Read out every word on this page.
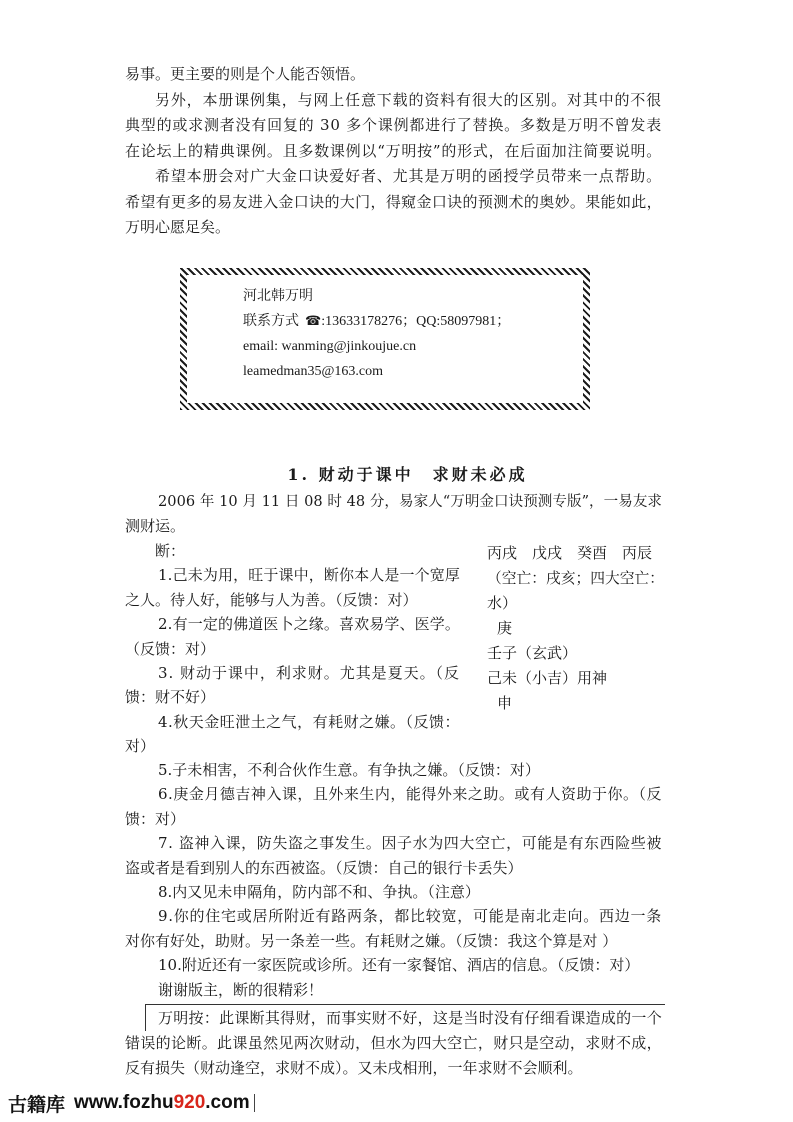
易事。更主要的则是个人能否领悟。
另外，本册课例集，与网上任意下载的资料有很大的区别。对其中的不很
典型的或求测者没有回复的 30 多个课例都进行了替换。多数是万明不曾发表
在论坛上的精典课例。且多数课例以“万明按”的形式，在后面加注简要说明。
希望本册会对广大金口诀爱好者、尤其是万明的函授学员带来一点帮助。
希望有更多的易友进入金口诀的大门，得窥金口诀的预测术的奥妙。果能如此，
万明心愿足矣。
河北韩万明
联系方式☎ :13633178276；QQ:58097981；
email: wanming@jinkoujue.cn
leamedman35@163.com
1. 财动于课中　求财未必成
2006 年 10 月 11 日 08 时 48 分，易家人“万明金口诀预测专版”，一易友求
测财运。
断：
1.己未为用，旺于课中，断你本人是一个宽厚
之人。待人好，能够与人为善。（反馈：对）
2.有一定的佛道医卜之缘。喜欢易学、医学。
（反馈：对）
3. 财动于课中，利求财。尤其是夏天。（反
馈：财不好）
4.秋天金旺泄土之气，有耗财之嫌。（反馈：
对）
丙戌　戊戌　癸酉　丙辰
（空亡：戌亥；四大空亡：
水）
庚
壬子（玄武）
己未（小吉）用神
申
5.子未相害，不利合伙作生意。有争执之嫌。（反馈：对）
6.庚金月德吉神入课，且外来生内，能得外来之助。或有人资助于你。（反
馈：对）
7. 盗神入课，防失盗之事发生。因子水为四大空亡，可能是有东西险些被
盗或者是看到别人的东西被盗。（反馈：自己的银行卡丢失）
8.内又见未申隔角，防内部不和、争执。（注意）
9.你的住宅或居所附近有路两条，都比较宽，可能是南北走向。西边一条
对你有好处，助财。另一条差一些。有耗财之嫌。（反馈：我这个算是对 ）
10.附近还有一家医院或诊所。还有一家餐馆、酒店的信息。（反馈：对）
谢谢版主，断的很精彩！
万明按：此课断其得财，而事实财不好，这是当时没有仔细看课造成的一个
错误的论断。此课虽然见两次财动，但水为四大空亡，财只是空动，求财不成，
反有损失（财动逢空，求财不成）。又未戌相刑，一年求财不会顺利。
古籍库 www.fozhu920.com
